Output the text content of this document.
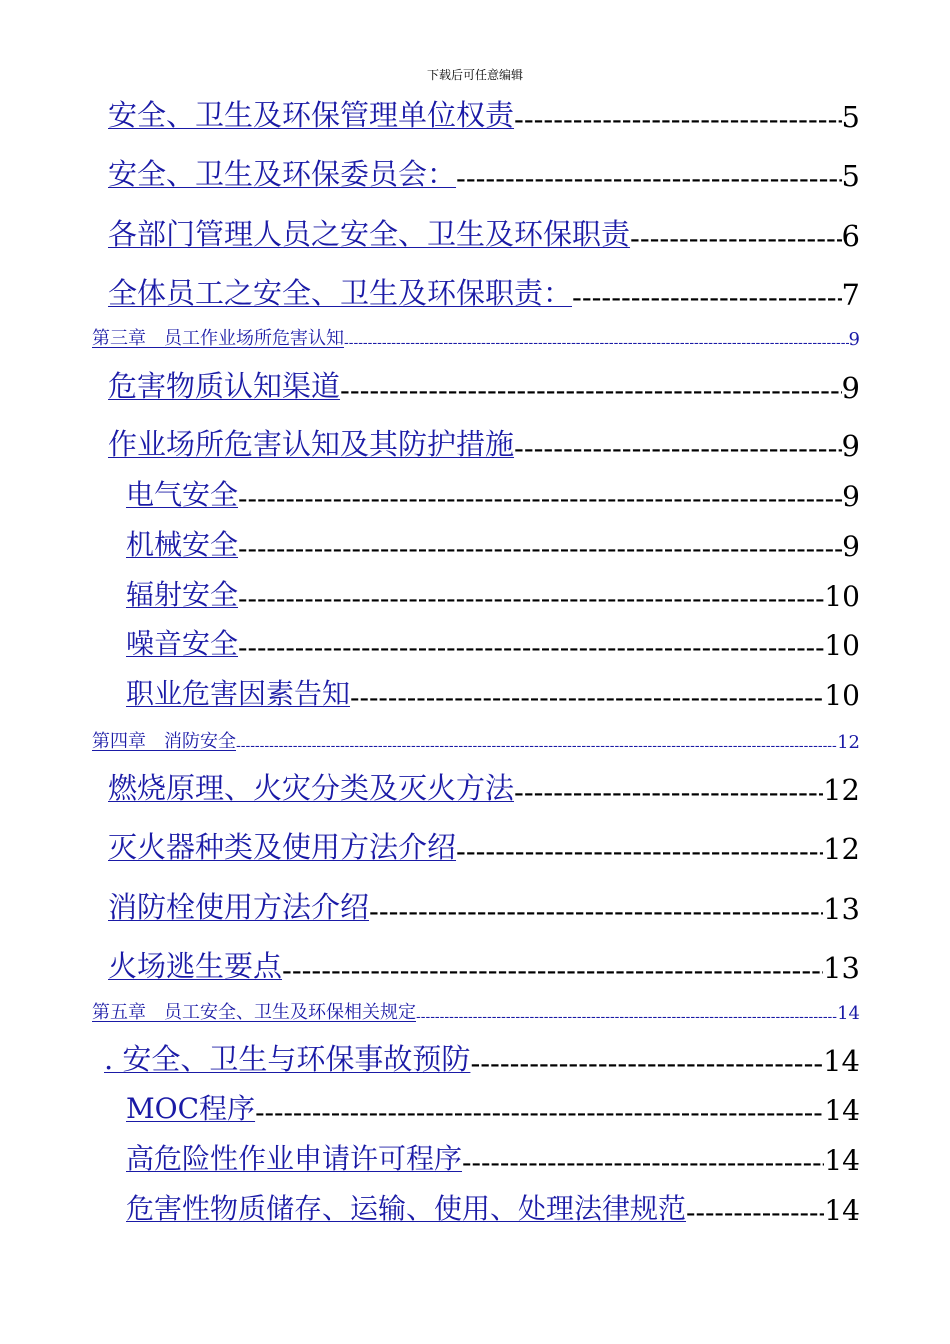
下载后可任意编辑
安全、卫生及环保管理单位权责 -----	5
安全、卫生及环保委员会： -----	5
各部门管理人员之安全、卫生及环保职责 -----	6
全体员工之安全、卫生及环保职责： -----	7
第三章　员工作业场所危害认知 -----	9
危害物质认知渠道 -----	9
作业场所危害认知及其防护措施 -----	9
电气安全 -----	9
机械安全 -----	9
辐射安全 -----	10
噪音安全 -----	10
职业危害因素告知 -----	10
第四章　消防安全 -----	12
燃烧原理、火灾分类及灭火方法 -----	12
灭火器种类及使用方法介绍 -----	12
消防栓使用方法介绍 -----	13
火场逃生要点 -----	13
第五章　员工安全、卫生及环保相关规定 -----	14
. 安全、卫生与环保事故预防 -----	14
MOC程序 -----	14
高危险性作业申请许可程序 -----	14
危害性物质储存、运输、使用、处理法律规范 -----	14
